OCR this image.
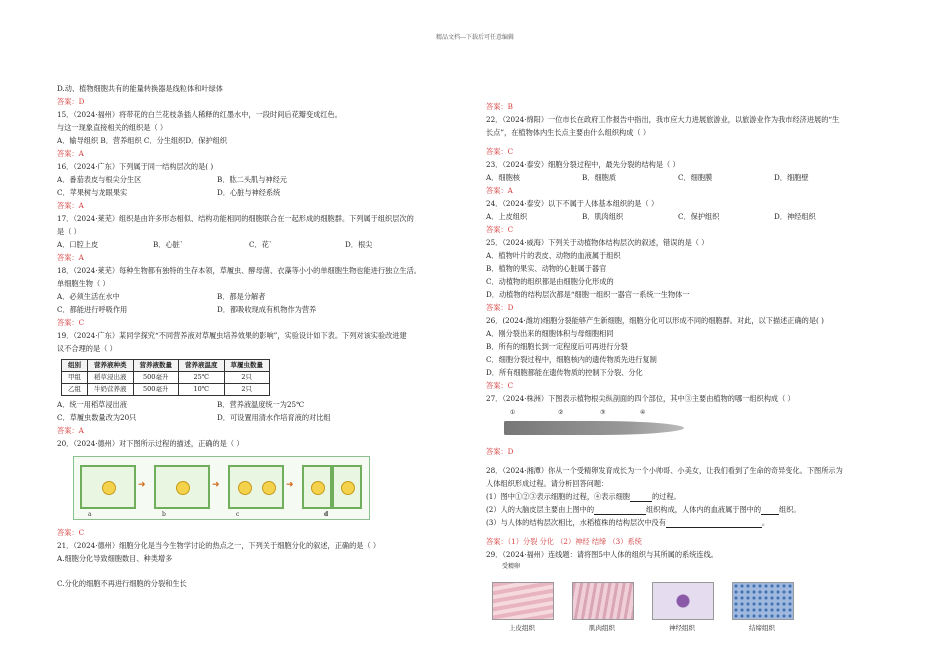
精品文档---下载后可任意编辑
D.动、植物细胞共有的能量转换器是线粒体和叶绿体
答案：D
15．（2024·福州）将带花的白兰花枝条插人稀释的红墨水中，一段时间后花瓣变成红色。
与这一现象直接相关的组织是（ ）
A．输导组织 B．营养组织 C．分生组织D．保护组织
答案：A
16．（2024·广东）下列属于同一结构层次的是( )
A．番茄表皮与根尖分生区	B．肱二头肌与神经元
C．苹果树与龙眼果实	D．心脏与神经系统
答案：A
17．（2024·莱芜）组织是由许多形态相似、结构功能相同的细胞联合在一起形成的细胞群。下列属于组织层次的
是（ ）
A．口腔上皮	B．心脏`	C．花`	D．根尖
答案：A
18．（2024·莱芜）每种生物都有独特的生存本领，草履虫、酵母菌、衣藻等小小的单细胞生物也能进行独立生活。
单细胞生物（ ）
A．必须生活在水中	B．都是分解者
C．都能进行呼吸作用	D．都吸收现成有机物作为营养
答案：C
19．（2024·广东）某同学探究“不同营养液对草履虫培养效果的影响”，实验设计如下表。下列对该实验改进建
议不合理的是（ ）
组别	营养液种类	营养液数量	营养液温度	草履虫数量
甲组	稻草浸出液	500毫升	25℃	2只
乙组	牛奶营养液	500毫升	10℃	2只
A．统一用稻草浸出液	B．营养液温度统一为25℃
C．草履虫数量改为20只	D．可设置用清水作培育液的对比组
答案：A
20．（2024·德州）对下图所示过程的描述，正确的是（ ）
➜	➜	➜
a	b	c	d
答案：C
21．（2024·德州）细胞分化是当今生物学讨论的热点之一，下列关于细胞分化的叙述，正确的是（ ）
A.细胞分化导致细胞数目、种类增多
C.分化的细胞不再进行细胞的分裂和生长
答案：B
22．（2024·绵阳）一位市长在政府工作报告中指出，我市应大力进展旅游业，以旅游业作为我市经济进展的“生
长点”，在植物体内生长点主要由什么组织构成（ ）
答案：C
23．（2024·泰安）细胞分裂过程中，最先分裂的结构是（ ）
A．细胞核	B．细胞质	C．细胞膜	D．细胞壁
答案：A
24．（2024·泰安）以下不属于人体基本组织的是（ ）
A．上皮组织	B．肌肉组织	C．保护组织	D．神经组织
答案：C
25．（2024·威海）下列关于动植物体结构层次的叙述，错误的是（ ）
A．植物叶片的表皮、动物的血液属于组织
B．植物的果实、动物的心脏属于器官
C．动植物的组织都是由细胞分化形成的
D．动植物的结构层次都是“细胞一组织一器官一系统一生物体一
答案：D
26．(2024·潍坊)细胞分裂能够产生新细胞，细胞分化可以形成不同的细胞群。对此，以下描述正确的是( )
A．刚分裂出来的细胞体积与母细胞相同
B．所有的细胞长到一定程度后可再进行分裂
C．细胞分裂过程中，细胞核内的遗传物质先进行复制
D．所有细胞都能在遗传物质的控制下分裂、分化
答案：C
27．（2024·株洲）下图表示植物根尖纵剖面的四个部位，其中③主要由植物的哪一组织构成（ ）
①	②	③	④
答案：D
28．（2024·湘潭）你从一个受精卵发育成长为一个小帅哥、小美女，让我们看到了生命的奇异变化。下图所示为
人体组织形成过程。请分析回答问题：
(1）图中①②③表示细胞的过程，④表示细胞	的过程。
(2）人的大脑皮层主要由上图中的	组织构成，人体内的血液属于图中的	组织。
(3）与人体的结构层次相比，水稻植株的结构层次中没有	。
答案：（1）分裂 分化 （2）神经 结缔 （3）系统
29．（2024·福州）连线题：请将图5中人体的组织与其所属的系统连线。
受精卵
上皮组织	肌肉组织	神经组织	结缔组织
